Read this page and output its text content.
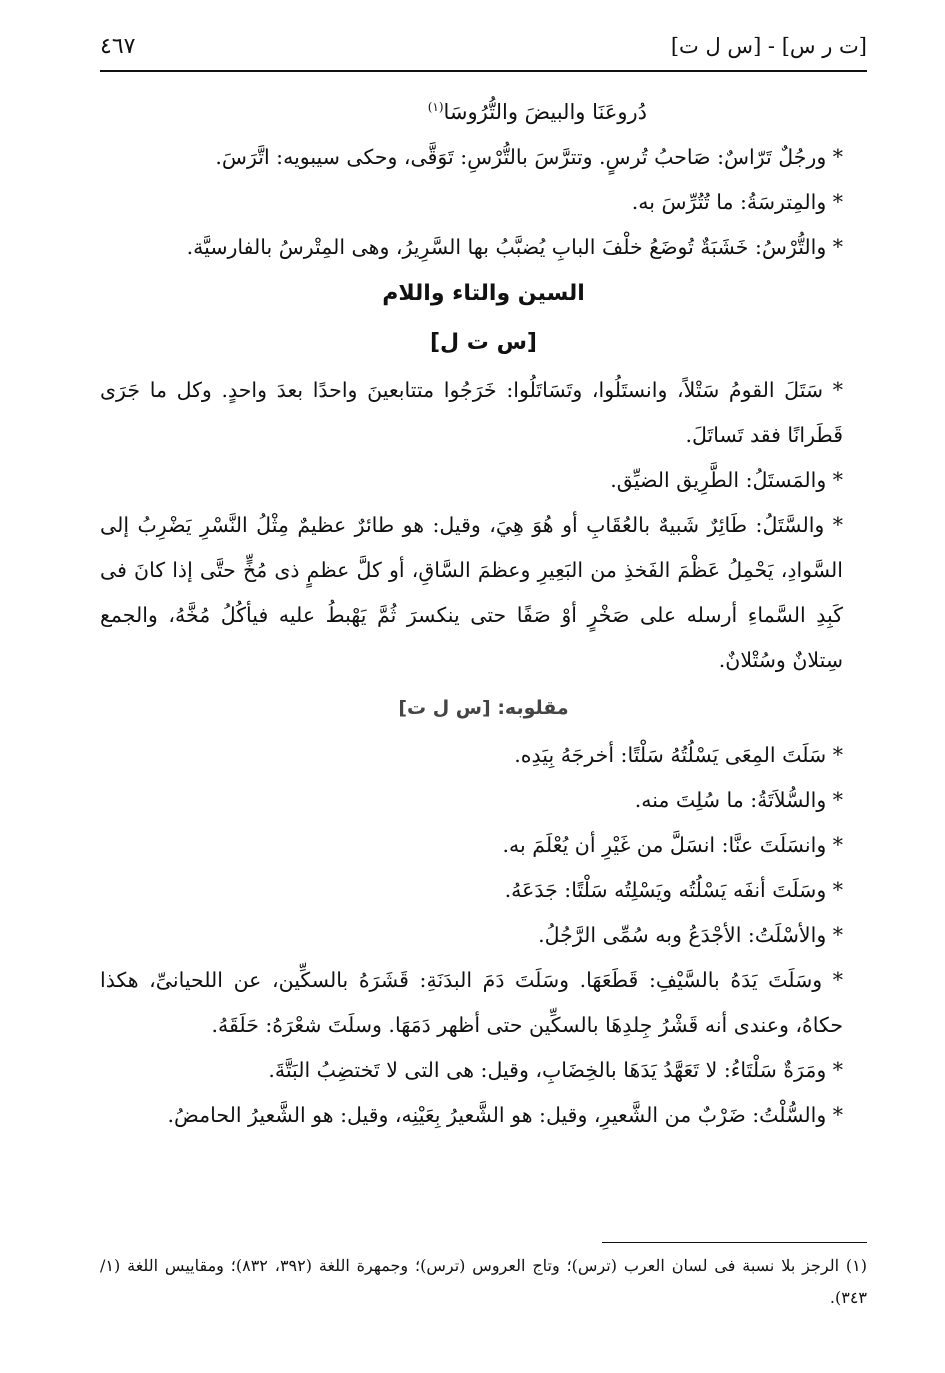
[ت ر س] - [س ل ت]
٤٦٧
دُروعَنَا والبيضَ والتُّرُوسَا$^{(١)}$
* ورجُلٌ تَرّاسٌ: صَاحبُ تُرسٍ. وتترَّسَ بالتُّرْسِ: تَوَقَّى، وحكى سيبويه: اتَّرَسَ.
* والمِترسَةُ: ما تُتُرِّسَ به.
* والتُّرْسُ: خَشَبَةٌ تُوضَعُ خلْفَ البابِ يُضبَّبُ بها السَّرِيرُ، وهى المِتْرسُ بالفارسيَّة.
السين والتاء واللام
[س ت ل]
* سَتَلَ القومُ سَتْلاً، وانستَلُوا، وتَسَاتَلُوا: خَرَجُوا متتابعينَ واحدًا بعدَ واحدٍ. وكل ما جَرَى قَطَرانًا فقد تَساتَلَ.
* والمَستَلُ: الطَّرِيق الضيِّق.
* والسَّتَلُ: طَائِرٌ شَبيهٌ بالعُقَابِ أو هُوَ هِيَ، وقيل: هو طائرٌ عظيمٌ مِثْلُ النَّسْرِ يَضْرِبُ إلى السَّوادِ، يَحْمِلُ عَظْمَ الفَخذِ من البَعِيرِ وعظمَ السَّاقِ، أو كلَّ عظمٍ ذى مُخٍّ حتَّى إذا كانَ فى كَبِدِ السَّماءِ أرسله على صَخْرٍ أوْ صَفًا حتى ينكسرَ ثُمَّ يَهْبطُ عليه فيأكُلُ مُخَّهُ، والجمع سِتلانٌ وسُتْلانٌ.
مقلوبه: [س ل ت]
* سَلَتَ المِعَى يَسْلُتُهُ سَلْتًا: أخرجَهُ بِيَدِه.
* والسُّلاَتَةُ: ما سُلِتَ منه.
* وانسَلَتَ عنَّا: انسَلَّ من غَيْرِ أن يُعْلَمَ به.
* وسَلَتَ أنفَه يَسْلُتُه ويَسْلِتُه سَلْتًا: جَدَعَهُ.
* والأسْلَتُ: الأجْدَعُ وبه سُمِّى الرَّجُلُ.
* وسَلَتَ يَدَهُ بالسَّيْفِ: قَطَعَهَا. وسَلَتَ دَمَ البدَنَةِ: قَشَرَهُ بالسكِّين، عن اللحيانىِّ، هكذا حكاهُ، وعندى أنه قَشْرُ جِلدِهَا بالسكِّين حتى أظهر دَمَهَا. وسلَتَ شعْرَهُ: حَلَقَهُ.
* ومَرَةٌ سَلْتَاءُ: لا تَعَهَّدُ يَدَهَا بالخِضَابِ، وقيل: هى التى لا تَختضِبُ البَتَّةَ.
* والسُّلْتُ: ضَرْبٌ من الشَّعيرِ، وقيل: هو الشَّعيرُ بِعَيْنِه، وقيل: هو الشَّعيرُ الحامضُ.
(١) الرجز بلا نسبة فى لسان العرب (ترس)؛ وتاج العروس (ترس)؛ وجمهرة اللغة (٣٩٢، ٨٣٢)؛ ومقاييس اللغة (١/ ٣٤٣).
